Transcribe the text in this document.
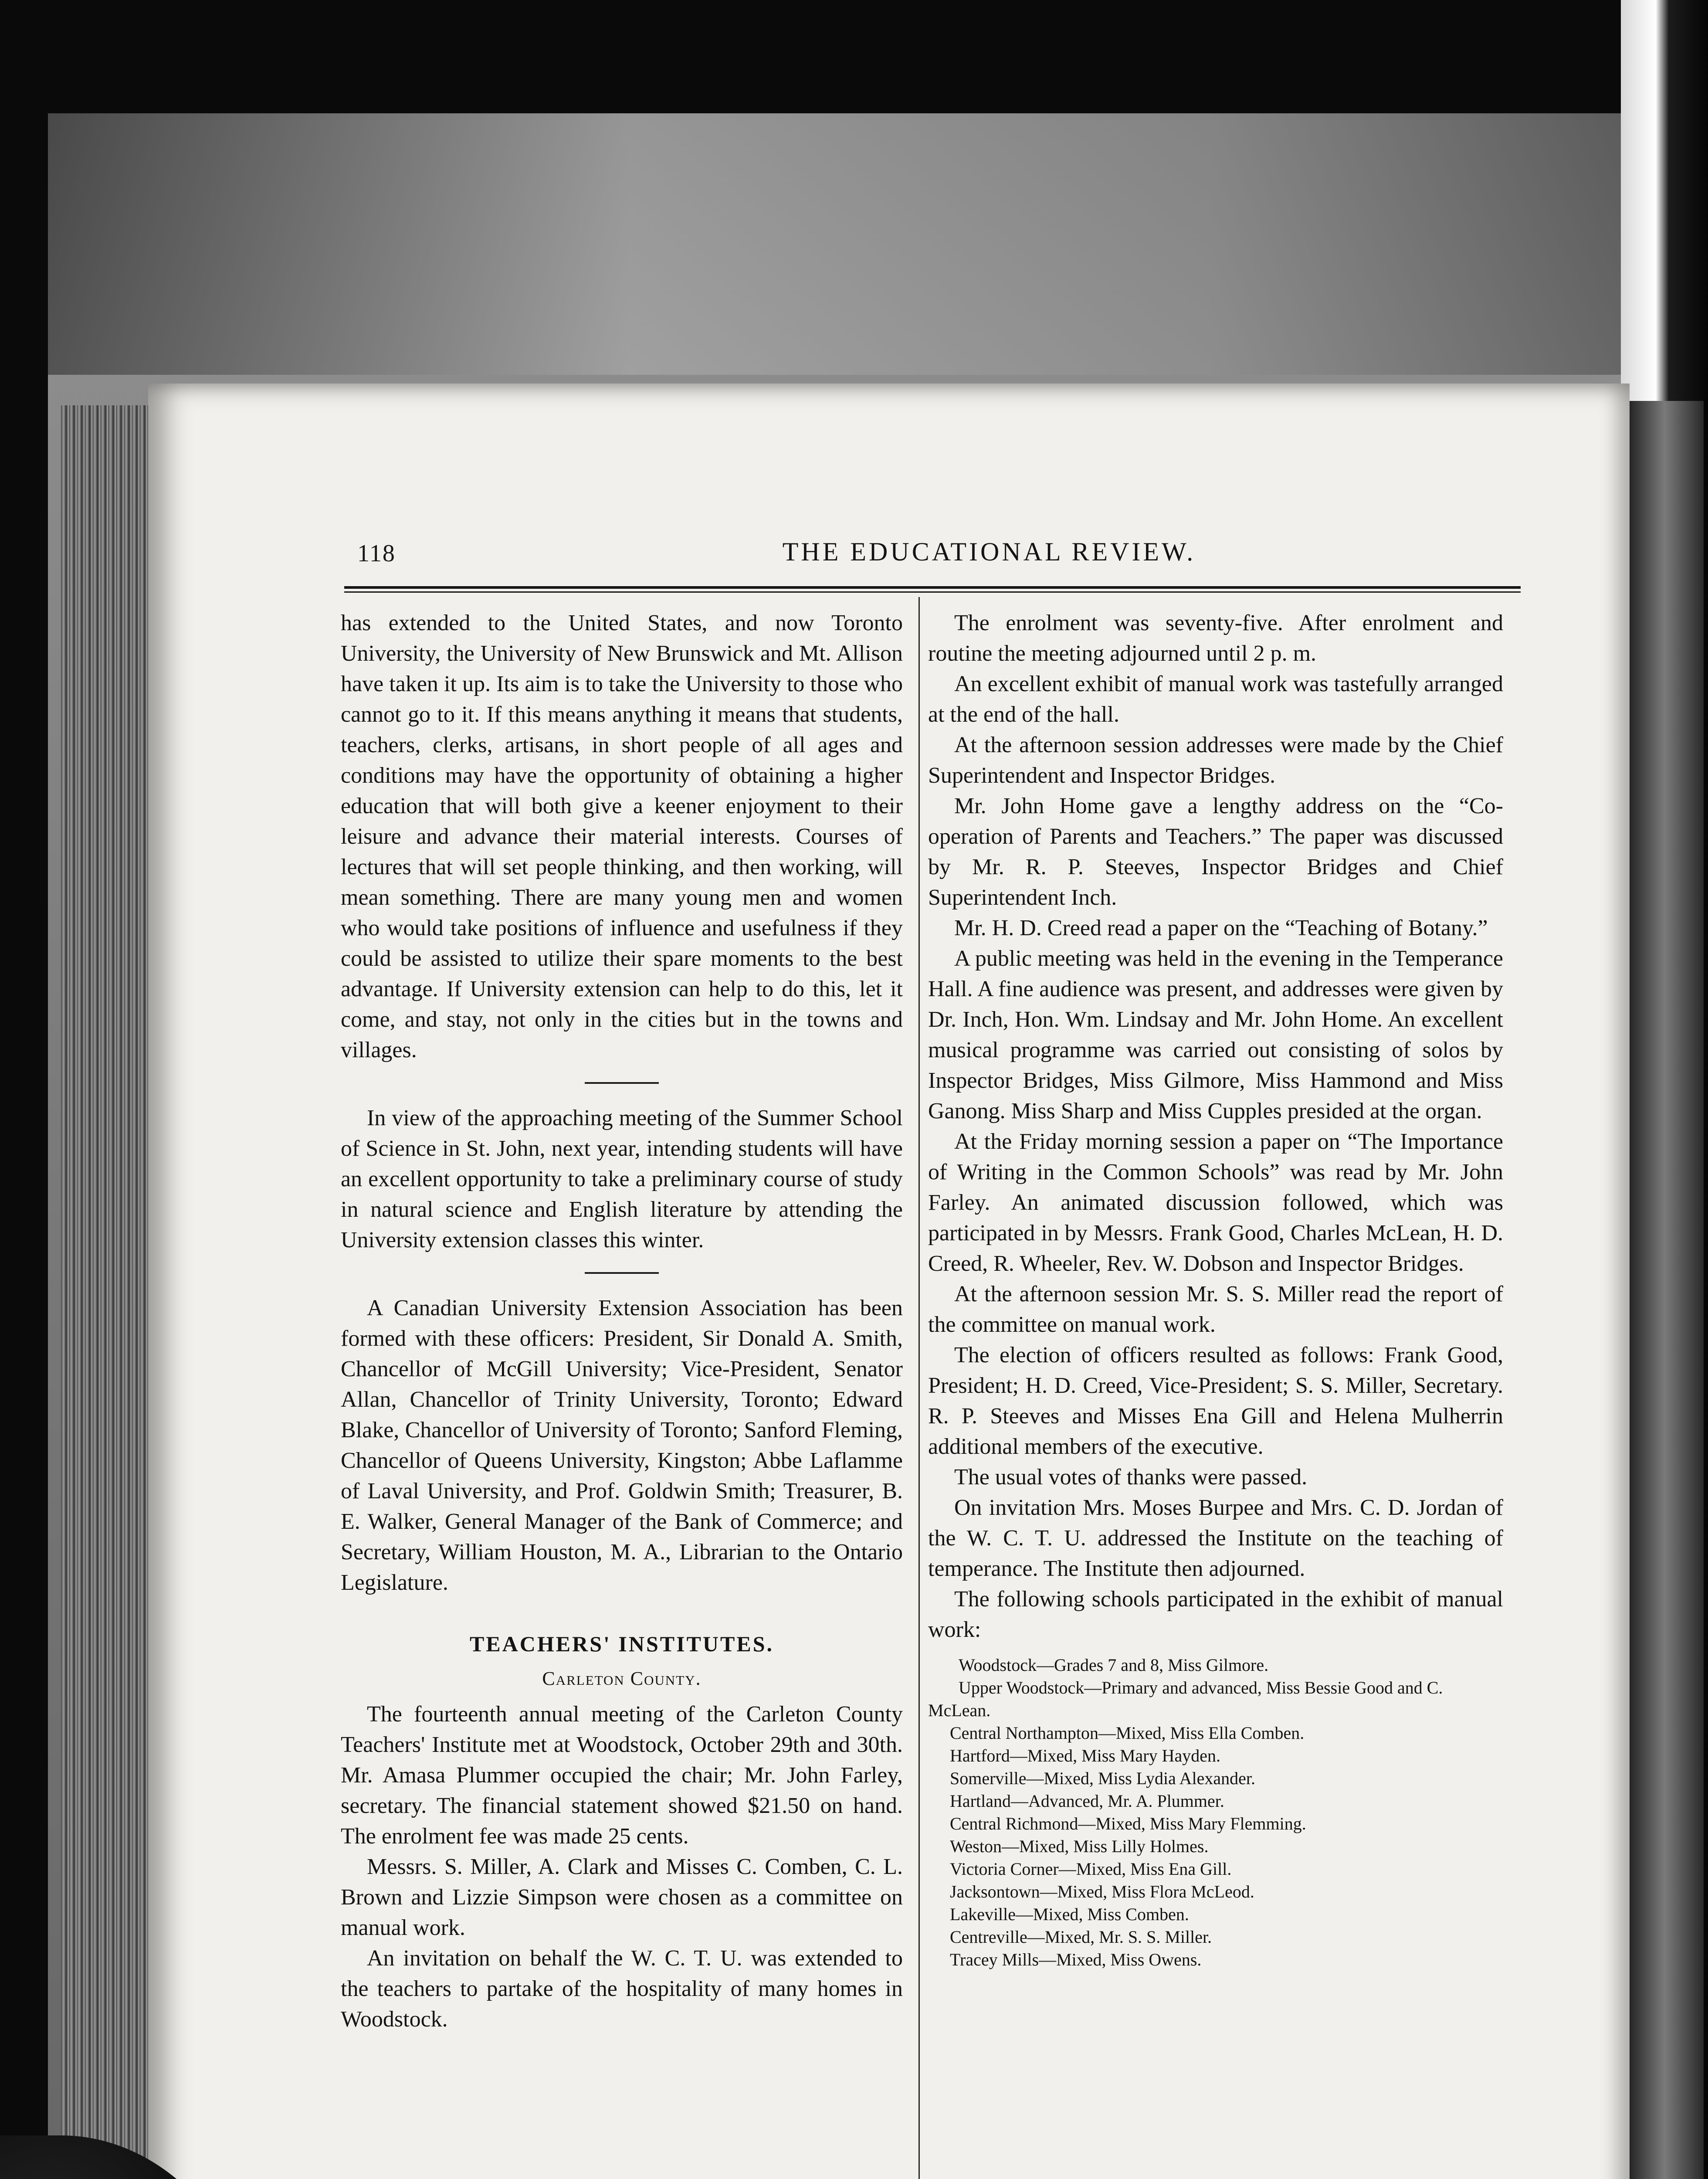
118	THE EDUCATIONAL REVIEW.

has extended to the United States, and now Toronto University, the University of New Brunswick and Mt. Allison have taken it up. Its aim is to take the University to those who cannot go to it. If this means anything it means that students, teachers, clerks, artisans, in short people of all ages and conditions may have the opportunity of obtaining a higher education that will both give a keener enjoyment to their leisure and advance their material interests. Courses of lectures that will set people thinking, and then working, will mean something. There are many young men and women who would take positions of influence and usefulness if they could be assisted to utilize their spare moments to the best advantage. If University extension can help to do this, let it come, and stay, not only in the cities but in the towns and villages.

In view of the approaching meeting of the Summer School of Science in St. John, next year, intending students will have an excellent opportunity to take a preliminary course of study in natural science and English literature by attending the University extension classes this winter.

A Canadian University Extension Association has been formed with these officers: President, Sir Donald A. Smith, Chancellor of McGill University; Vice-President, Senator Allan, Chancellor of Trinity University, Toronto; Edward Blake, Chancellor of University of Toronto; Sanford Fleming, Chancellor of Queens University, Kingston; Abbe Laflamme of Laval University, and Prof. Goldwin Smith; Treasurer, B. E. Walker, General Manager of the Bank of Commerce; and Secretary, William Houston, M. A., Librarian to the Ontario Legislature.

TEACHERS' INSTITUTES.
Carleton County.

The fourteenth annual meeting of the Carleton County Teachers' Institute met at Woodstock, October 29th and 30th. Mr. Amasa Plummer occupied the chair; Mr. John Farley, secretary. The financial statement showed $21.50 on hand. The enrolment fee was made 25 cents.

Messrs. S. Miller, A. Clark and Misses C. Comben, C. L. Brown and Lizzie Simpson were chosen as a committee on manual work.

An invitation on behalf the W. C. T. U. was extended to the teachers to partake of the hospitality of many homes in Woodstock.

The enrolment was seventy-five. After enrolment and routine the meeting adjourned until 2 p. m.

An excellent exhibit of manual work was tastefully arranged at the end of the hall.

At the afternoon session addresses were made by the Chief Superintendent and Inspector Bridges.

Mr. John Home gave a lengthy address on the “Co-operation of Parents and Teachers.” The paper was discussed by Mr. R. P. Steeves, Inspector Bridges and Chief Superintendent Inch.

Mr. H. D. Creed read a paper on the “Teaching of Botany.”

A public meeting was held in the evening in the Temperance Hall. A fine audience was present, and addresses were given by Dr. Inch, Hon. Wm. Lindsay and Mr. John Home. An excellent musical programme was carried out consisting of solos by Inspector Bridges, Miss Gilmore, Miss Hammond and Miss Ganong. Miss Sharp and Miss Cupples presided at the organ.

At the Friday morning session a paper on “The Importance of Writing in the Common Schools” was read by Mr. John Farley. An animated discussion followed, which was participated in by Messrs. Frank Good, Charles McLean, H. D. Creed, R. Wheeler, Rev. W. Dobson and Inspector Bridges.

At the afternoon session Mr. S. S. Miller read the report of the committee on manual work.

The election of officers resulted as follows: Frank Good, President; H. D. Creed, Vice-President; S. S. Miller, Secretary. R. P. Steeves and Misses Ena Gill and Helena Mulherrin additional members of the executive.

The usual votes of thanks were passed.

On invitation Mrs. Moses Burpee and Mrs. C. D. Jordan of the W. C. T. U. addressed the Institute on the teaching of temperance. The Institute then adjourned.

The following schools participated in the exhibit of manual work:

Woodstock—Grades 7 and 8, Miss Gilmore.
Upper Woodstock—Primary and advanced, Miss Bessie Good and C. McLean.
Central Northampton—Mixed, Miss Ella Comben.
Hartford—Mixed, Miss Mary Hayden.
Somerville—Mixed, Miss Lydia Alexander.
Hartland—Advanced, Mr. A. Plummer.
Central Richmond—Mixed, Miss Mary Flemming.
Weston—Mixed, Miss Lilly Holmes.
Victoria Corner—Mixed, Miss Ena Gill.
Jacksontown—Mixed, Miss Flora McLeod.
Lakeville—Mixed, Miss Comben.
Centreville—Mixed, Mr. S. S. Miller.
Tracey Mills—Mixed, Miss Owens.
